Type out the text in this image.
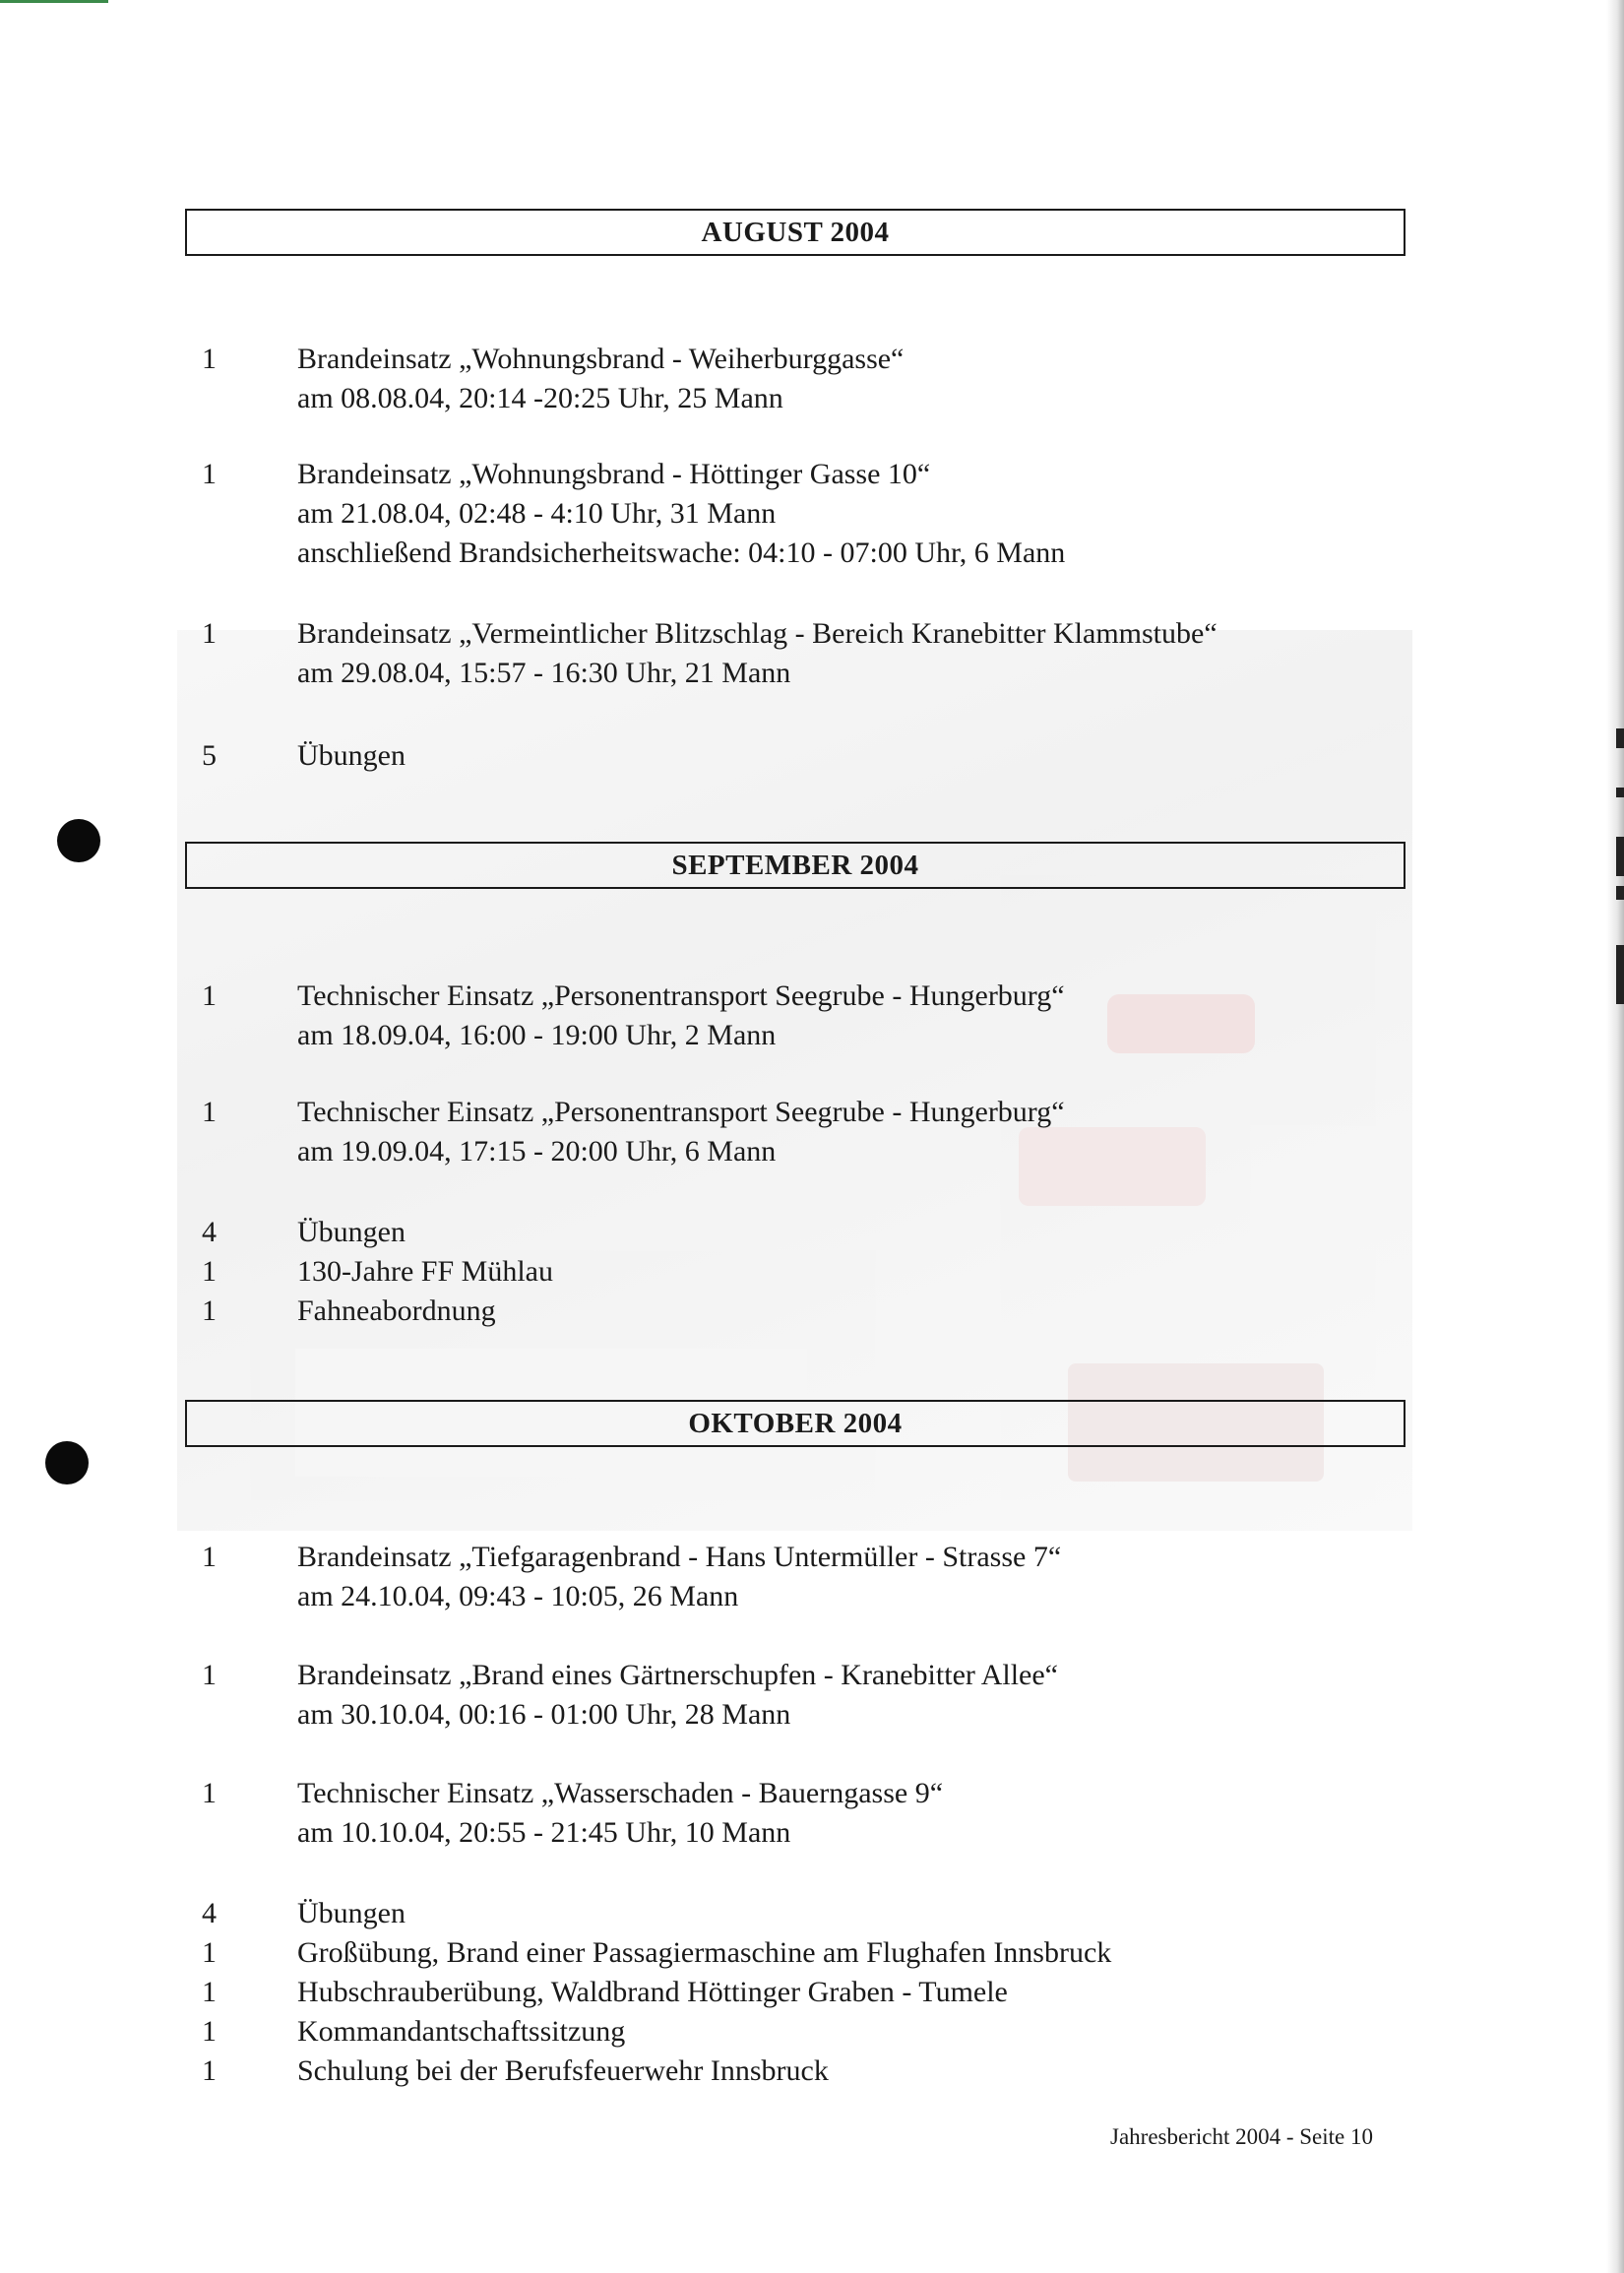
AUGUST 2004
1	Brandeinsatz „Wohnungsbrand - Weiherburggasse“
am 08.08.04, 20:14 -20:25 Uhr, 25 Mann
1	Brandeinsatz „Wohnungsbrand - Höttinger Gasse 10“
am 21.08.04, 02:48 - 4:10 Uhr, 31 Mann
anschließend Brandsicherheitswache: 04:10 - 07:00 Uhr, 6 Mann
1	Brandeinsatz „Vermeintlicher Blitzschlag - Bereich Kranebitter Klammstube“
am 29.08.04, 15:57 - 16:30 Uhr, 21 Mann
5	Übungen
SEPTEMBER 2004
1	Technischer Einsatz „Personentransport Seegrube - Hungerburg“
am 18.09.04, 16:00 - 19:00 Uhr, 2 Mann
1	Technischer Einsatz „Personentransport Seegrube - Hungerburg“
am 19.09.04, 17:15 - 20:00 Uhr, 6 Mann
4	Übungen
1	130-Jahre FF Mühlau
1	Fahneabordnung
OKTOBER 2004
1	Brandeinsatz „Tiefgaragenbrand - Hans Untermüller - Strasse 7“
am 24.10.04, 09:43 - 10:05, 26 Mann
1	Brandeinsatz „Brand eines Gärtnerschupfen - Kranebitter Allee“
am 30.10.04, 00:16 - 01:00 Uhr, 28 Mann
1	Technischer Einsatz „Wasserschaden - Bauerngasse 9“
am 10.10.04, 20:55 - 21:45 Uhr, 10 Mann
4	Übungen
1	Großübung, Brand einer Passagiermaschine am Flughafen Innsbruck
1	Hubschrauberübung, Waldbrand Höttinger Graben - Tumele
1	Kommandantschaftssitzung
1	Schulung bei der Berufsfeuerwehr Innsbruck
Jahresbericht 2004 - Seite 10
